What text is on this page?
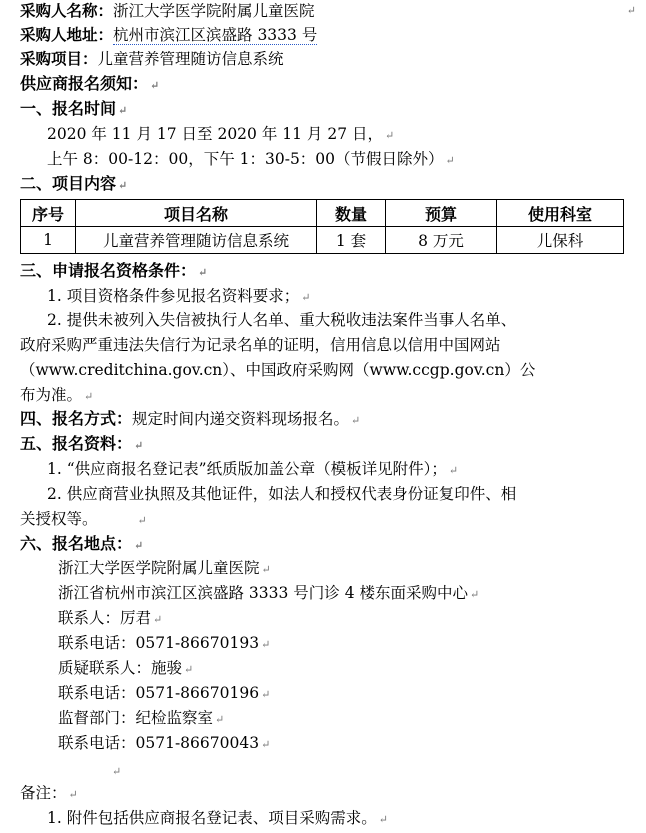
↵
采购人名称：浙江大学医学院附属儿童医院
采购人地址：杭州市滨江区滨盛路 3333 号
采购项目：儿童营养管理随访信息系统
供应商报名须知： ↵
一、报名时间 ↵
2020 年 11 月 17 日至 2020 年 11 月 27 日， ↵
上午 8：00-12：00，下午 1：30-5：00（节假日除外） ↵
二、项目内容 ↵
序号	项目名称	数量	预算	使用科室
1	儿童营养管理随访信息系统	1 套	8 万元	儿保科
三、申请报名资格条件： ↵
1. 项目资格条件参见报名资料要求； ↵
2. 提供未被列入失信被执行人名单、重大税收违法案件当事人名单、
政府采购严重违法失信行为记录名单的证明，信用信息以信用中国网站
（www.creditchina.gov.cn）、中国政府采购网（www.ccgp.gov.cn）公
布为准。 ↵
四、报名方式：规定时间内递交资料现场报名。 ↵
五、报名资料： ↵
1. “供应商报名登记表”纸质版加盖公章（模板详见附件）； ↵
2. 供应商营业执照及其他证件，如法人和授权代表身份证复印件、相
关授权等。	↵
六、报名地点： ↵
浙江大学医学院附属儿童医院 ↵
浙江省杭州市滨江区滨盛路 3333 号门诊 4 楼东面采购中心 ↵
联系人：厉君 ↵
联系电话：0571-86670193 ↵
质疑联系人：施骏 ↵
联系电话：0571-86670196 ↵
监督部门：纪检监察室 ↵
联系电话：0571-86670043 ↵
↵
备注： ↵
1. 附件包括供应商报名登记表、项目采购需求。 ↵
